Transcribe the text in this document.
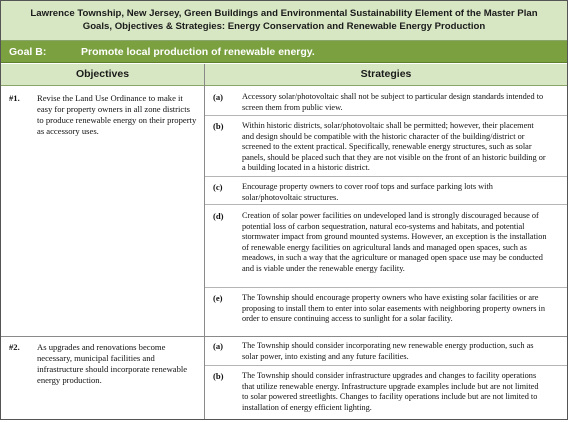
Lawrence Township, New Jersey, Green Buildings and Environmental Sustainability Element of the Master Plan
Goals, Objectives & Strategies: Energy Conservation and Renewable Energy Production
Goal B:	Promote local production of renewable energy.
Objectives	Strategies
#1. Revise the Land Use Ordinance to make it easy for property owners in all zone districts to produce renewable energy on their property as accessory uses.
(a) Accessory solar/photovoltaic shall not be subject to particular design standards intended to screen them from public view.
(b) Within historic districts, solar/photovoltaic shall be permitted; however, their placement and design should be compatible with the historic character of the building/district or screened to the extent practical. Specifically, renewable energy structures, such as solar panels, should be placed such that they are not visible on the front of an historic building or a building located in a historic district.
(c) Encourage property owners to cover roof tops and surface parking lots with solar/photovoltaic structures.
(d) Creation of solar power facilities on undeveloped land is strongly discouraged because of potential loss of carbon sequestration, natural eco-systems and habitats, and potential stormwater impact from ground mounted systems. However, an exception is the installation of renewable energy facilities on agricultural lands and managed open spaces, such as meadows, in such a way that the agriculture or managed open space use may be conducted and is viable under the renewable energy facility.
(e) The Township should encourage property owners who have existing solar facilities or are proposing to install them to enter into solar easements with neighboring property owners in order to ensure continuing access to sunlight for a solar facility.
#2. As upgrades and renovations become necessary, municipal facilities and infrastructure should incorporate renewable energy production.
(a) The Township should consider incorporating new renewable energy production, such as solar power, into existing and any future facilities.
(b) The Township should consider infrastructure upgrades and changes to facility operations that utilize renewable energy. Infrastructure upgrade examples include but are not limited to solar powered streetlights. Changes to facility operations include but are not limited to installation of energy efficient lighting.
